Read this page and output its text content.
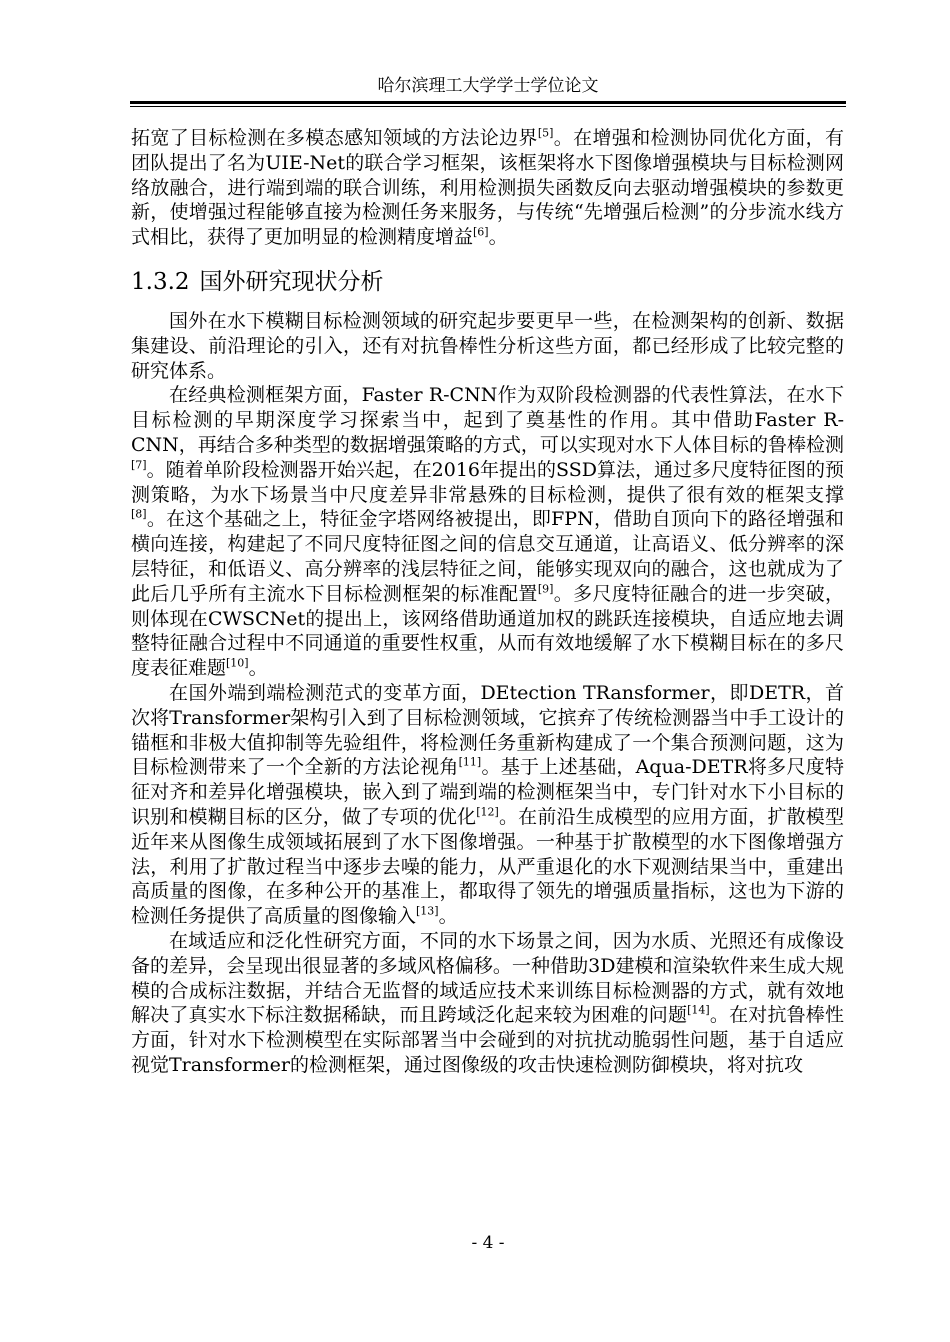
哈尔滨理工大学学士学位论文

拓宽了目标检测在多模态感知领域的方法论边界[5]。在增强和检测协同优化方面，有团队提出了名为UIE-Net的联合学习框架，该框架将水下图像增强模块与目标检测网络放融合，进行端到端的联合训练，利用检测损失函数反向去驱动增强模块的参数更新，使增强过程能够直接为检测任务来服务，与传统“先增强后检测”的分步流水线方式相比，获得了更加明显的检测精度增益[6]。

1.3.2 国外研究现状分析

国外在水下模糊目标检测领域的研究起步要更早一些，在检测架构的创新、数据集建设、前沿理论的引入，还有对抗鲁棒性分析这些方面，都已经形成了比较完整的研究体系。

在经典检测框架方面，Faster R-CNN作为双阶段检测器的代表性算法，在水下目标检测的早期深度学习探索当中，起到了奠基性的作用。其中借助Faster R-CNN，再结合多种类型的数据增强策略的方式，可以实现对水下人体目标的鲁棒检测[7]。随着单阶段检测器开始兴起，在2016年提出的SSD算法，通过多尺度特征图的预测策略，为水下场景当中尺度差异非常悬殊的目标检测，提供了很有效的框架支撑[8]。在这个基础之上，特征金字塔网络被提出，即FPN，借助自顶向下的路径增强和横向连接，构建起了不同尺度特征图之间的信息交互通道，让高语义、低分辨率的深层特征，和低语义、高分辨率的浅层特征之间，能够实现双向的融合，这也就成为了此后几乎所有主流水下目标检测框架的标准配置[9]。多尺度特征融合的进一步突破，则体现在CWSCNet的提出上，该网络借助通道加权的跳跃连接模块，自适应地去调整特征融合过程中不同通道的重要性权重，从而有效地缓解了水下模糊目标在的多尺度表征难题[10]。

在国外端到端检测范式的变革方面，DEtection TRansformer，即DETR，首次将Transformer架构引入到了目标检测领域，它摈弃了传统检测器当中手工设计的锚框和非极大值抑制等先验组件，将检测任务重新构建成了一个集合预测问题，这为目标检测带来了一个全新的方法论视角[11]。基于上述基础，Aqua-DETR将多尺度特征对齐和差异化增强模块，嵌入到了端到端的检测框架当中，专门针对水下小目标的识别和模糊目标的区分，做了专项的优化[12]。在前沿生成模型的应用方面，扩散模型近年来从图像生成领域拓展到了水下图像增强。一种基于扩散模型的水下图像增强方法，利用了扩散过程当中逐步去噪的能力，从严重退化的水下观测结果当中，重建出高质量的图像，在多种公开的基准上，都取得了领先的增强质量指标，这也为下游的检测任务提供了高质量的图像输入[13]。

在域适应和泛化性研究方面，不同的水下场景之间，因为水质、光照还有成像设备的差异，会呈现出很显著的多域风格偏移。一种借助3D建模和渲染软件来生成大规模的合成标注数据，并结合无监督的域适应技术来训练目标检测器的方式，就有效地解决了真实水下标注数据稀缺，而且跨域泛化起来较为困难的问题[14]。在对抗鲁棒性方面，针对水下检测模型在实际部署当中会碰到的对抗扰动脆弱性问题，基于自适应视觉Transformer的检测框架，通过图像级的攻击快速检测防御模块，将对抗攻

- 4 -
